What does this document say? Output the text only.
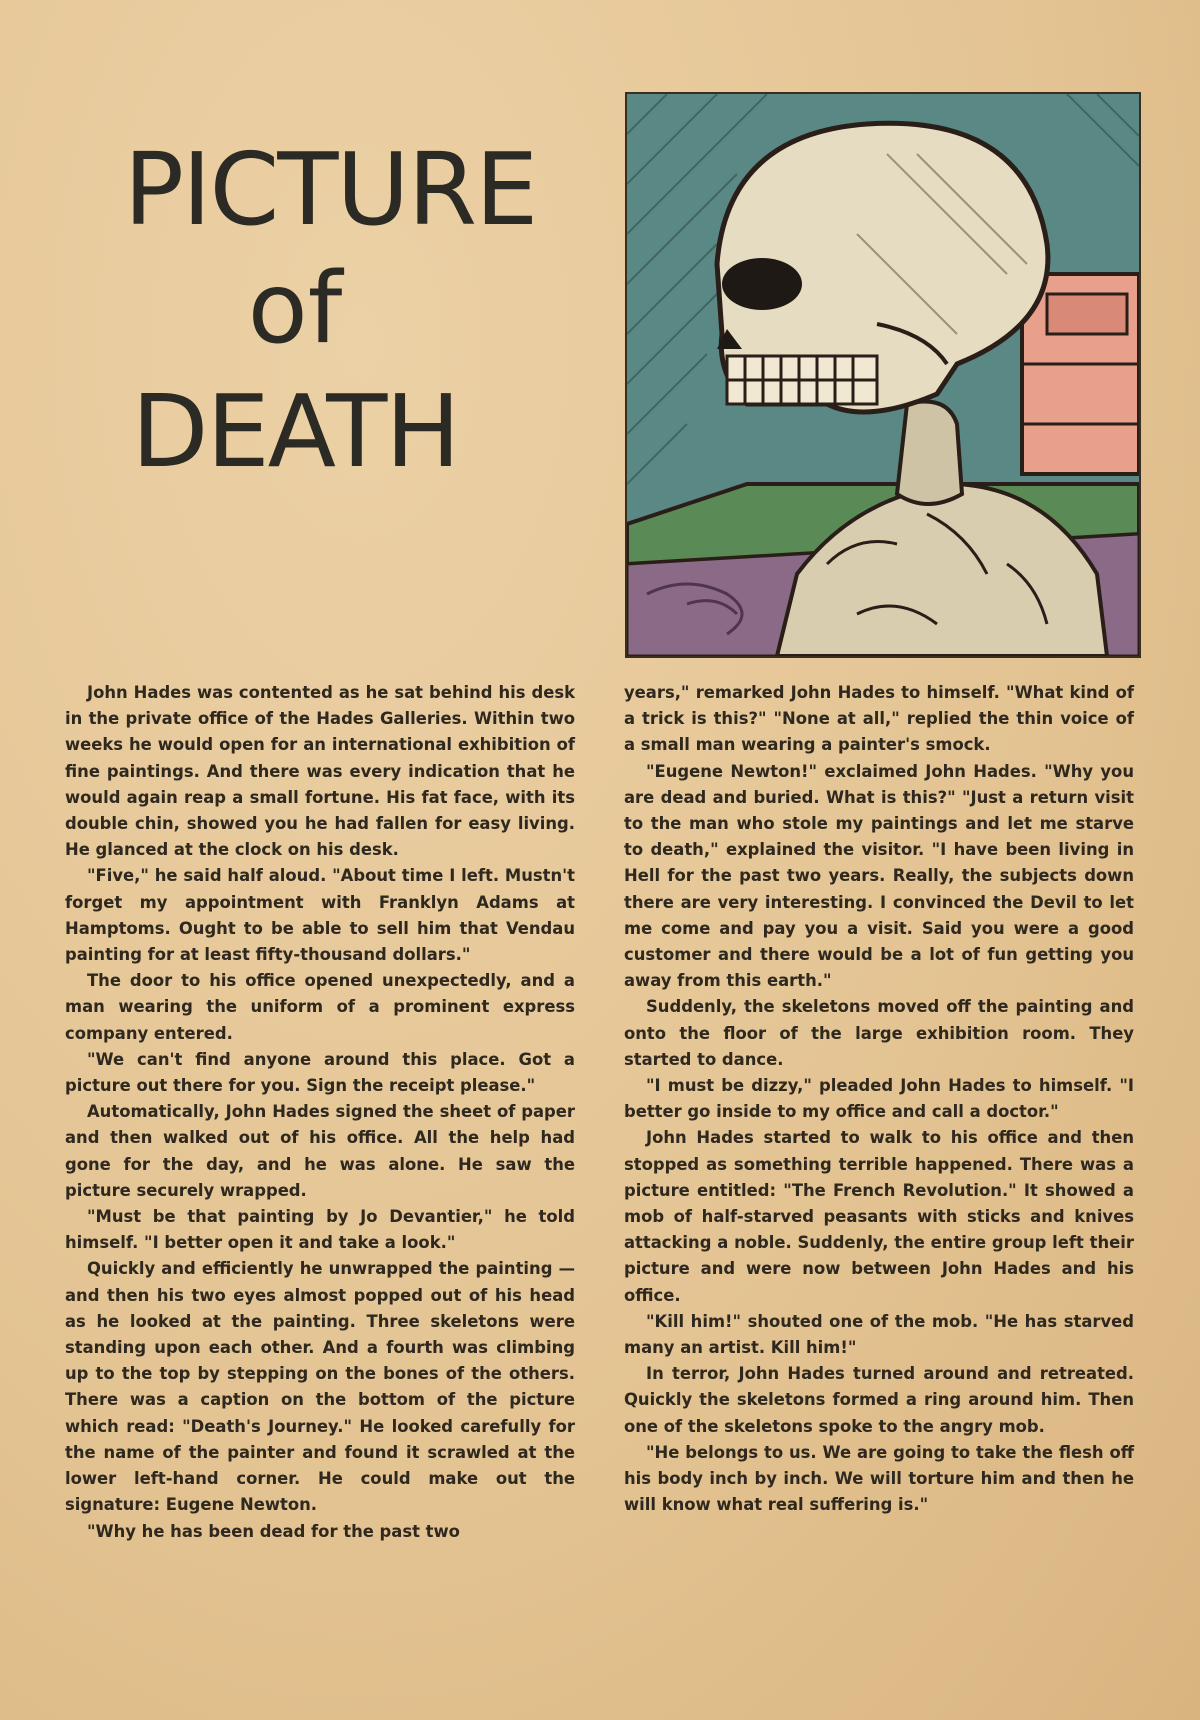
PICTURE
of
DEATH

John Hades was contented as he sat behind his desk in the private office of the Hades Galleries. Within two weeks he would open for an international exhibition of fine paintings. And there was every indication that he would again reap a small fortune. His fat face, with its double chin, showed you he had fallen for easy living. He glanced at the clock on his desk.

"Five," he said half aloud. "About time I left. Mustn't forget my appointment with Franklyn Adams at Hamptoms. Ought to be able to sell him that Vendau painting for at least fifty-thousand dollars."

The door to his office opened unexpectedly, and a man wearing the uniform of a prominent express company entered.

"We can't find anyone around this place. Got a picture out there for you. Sign the receipt please."

Automatically, John Hades signed the sheet of paper and then walked out of his office. All the help had gone for the day, and he was alone. He saw the picture securely wrapped.

"Must be that painting by Jo Devantier," he told himself. "I better open it and take a look."

Quickly and efficiently he unwrapped the painting — and then his two eyes almost popped out of his head as he looked at the painting. Three skeletons were standing upon each other. And a fourth was climbing up to the top by stepping on the bones of the others. There was a caption on the bottom of the picture which read: "Death's Journey." He looked carefully for the name of the painter and found it scrawled at the lower left-hand corner. He could make out the signature: Eugene Newton.

"Why he has been dead for the past two

years," remarked John Hades to himself. "What kind of a trick is this?" "None at all," replied the thin voice of a small man wearing a painter's smock.

"Eugene Newton!" exclaimed John Hades. "Why you are dead and buried. What is this?" "Just a return visit to the man who stole my paintings and let me starve to death," explained the visitor. "I have been living in Hell for the past two years. Really, the subjects down there are very interesting. I convinced the Devil to let me come and pay you a visit. Said you were a good customer and there would be a lot of fun getting you away from this earth."

Suddenly, the skeletons moved off the painting and onto the floor of the large exhibition room. They started to dance.

"I must be dizzy," pleaded John Hades to himself. "I better go inside to my office and call a doctor."

John Hades started to walk to his office and then stopped as something terrible happened. There was a picture entitled: "The French Revolution." It showed a mob of half-starved peasants with sticks and knives attacking a noble. Suddenly, the entire group left their picture and were now between John Hades and his office.

"Kill him!" shouted one of the mob. "He has starved many an artist. Kill him!"

In terror, John Hades turned around and retreated. Quickly the skeletons formed a ring around him. Then one of the skeletons spoke to the angry mob.

"He belongs to us. We are going to take the flesh off his body inch by inch. We will torture him and then he will know what real suffering is."
